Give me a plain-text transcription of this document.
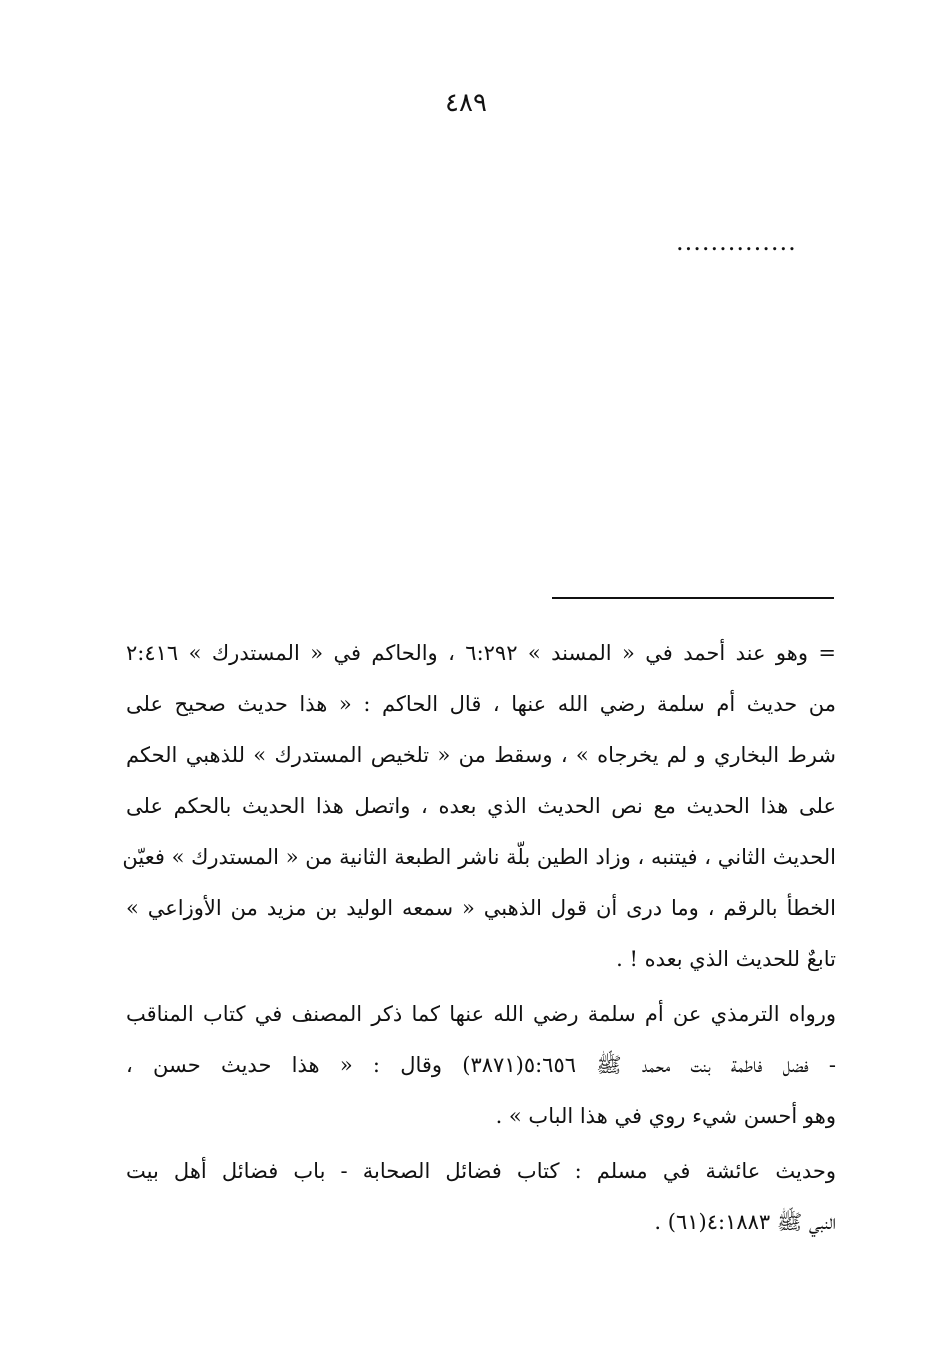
٤٨٩
..............

= وهو عند أحمد في « المسند » ٦:٢٩٢ ، والحاكم في « المستدرك » ٢:٤١٦
من حديث أم سلمة رضي الله عنها ، قال الحاكم : « هذا حديث صحيح على
شرط البخاري و لم يخرجاه » ، وسقط من « تلخيص المستدرك » للذهبي الحكم
على هذا الحديث مع نص الحديث الذي بعده ، واتصل هذا الحديث بالحكم على
الحديث الثاني ، فيتنبه ، وزاد الطين بلّة ناشر الطبعة الثانية من « المستدرك » فعيّن
الخطأ بالرقم ، وما درى أن قول الذهبي « سمعه الوليد بن مزيد من الأوزاعي »
تابعٌ للحديث الذي بعده ! .

ورواه الترمذي عن أم سلمة رضي الله عنها كما ذكر المصنف في كتاب المناقب
- فضل فاطمة بنت محمد ﷺ ٥:٦٥٦(٣٨٧١) وقال : « هذا حديث حسن ،
وهو أحسن شيء روي في هذا الباب » .

وحديث عائشة في مسلم : كتاب فضائل الصحابة - باب فضائل أهل بيت
النبي ﷺ ٤:١٨٨٣(٦١) .
